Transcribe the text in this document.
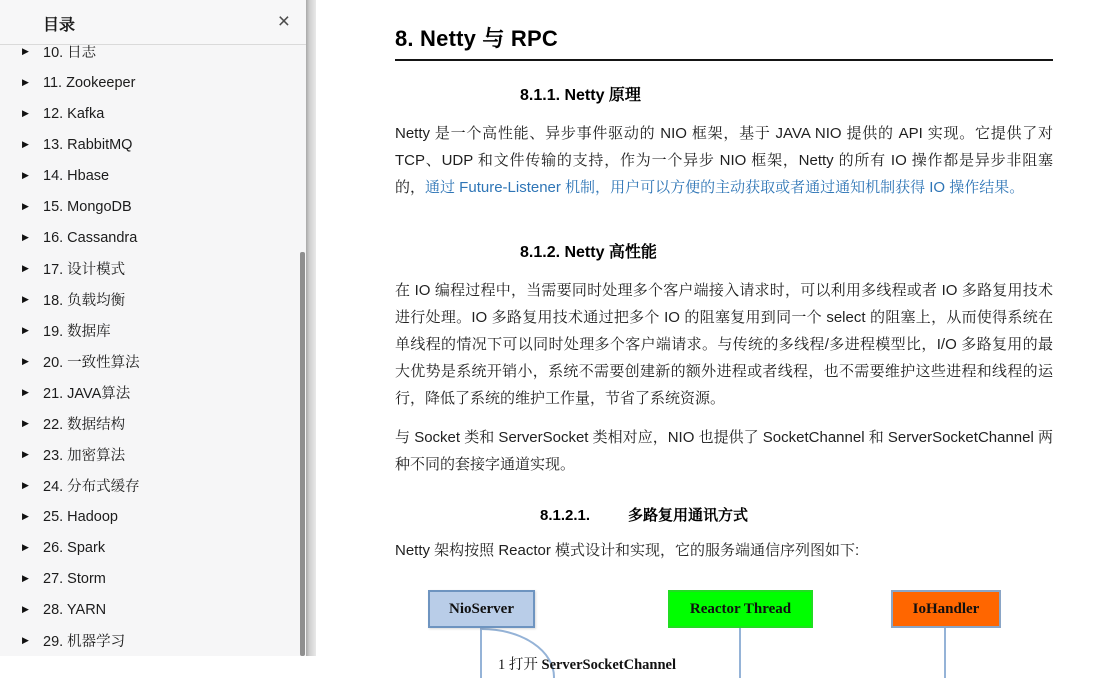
目录	×
▶ 10. 日志
▶ 11. Zookeeper
▶ 12. Kafka
▶ 13. RabbitMQ
▶ 14. Hbase
▶ 15. MongoDB
▶ 16. Cassandra
▶ 17. 设计模式
▶ 18. 负载均衡
▶ 19. 数据库
▶ 20. 一致性算法
▶ 21. JAVA算法
▶ 22. 数据结构
▶ 23. 加密算法
▶ 24. 分布式缓存
▶ 25. Hadoop
▶ 26. Spark
▶ 27. Storm
▶ 28. YARN
▶ 29. 机器学习
8. Netty 与 RPC
8.1.1. Netty 原理

Netty 是一个高性能、异步事件驱动的 NIO 框架，基于 JAVA NIO 提供的 API 实现。它提供了对 TCP、UDP 和文件传输的支持，作为一个异步 NIO 框架，Netty 的所有 IO 操作都是异步非阻塞的，通过 Future-Listener 机制，用户可以方便的主动获取或者通过通知机制获得 IO 操作结果。

8.1.2. Netty 高性能

在 IO 编程过程中，当需要同时处理多个客户端接入请求时，可以利用多线程或者 IO 多路复用技术进行处理。IO 多路复用技术通过把多个 IO 的阻塞复用到同一个 select 的阻塞上，从而使得系统在单线程的情况下可以同时处理多个客户端请求。与传统的多线程/多进程模型比，I/O 多路复用的最大优势是系统开销小，系统不需要创建新的额外进程或者线程，也不需要维护这些进程和线程的运行，降低了系统的维护工作量，节省了系统资源。

与 Socket 类和 ServerSocket 类相对应，NIO 也提供了 SocketChannel 和 ServerSocketChannel 两种不同的套接字通道实现。

8.1.2.1.	多路复用通讯方式

Netty 架构按照 Reactor 模式设计和实现，它的服务端通信序列图如下:

NioServer	Reactor Thread	IoHandler
1 打开 ServerSocketChannel
